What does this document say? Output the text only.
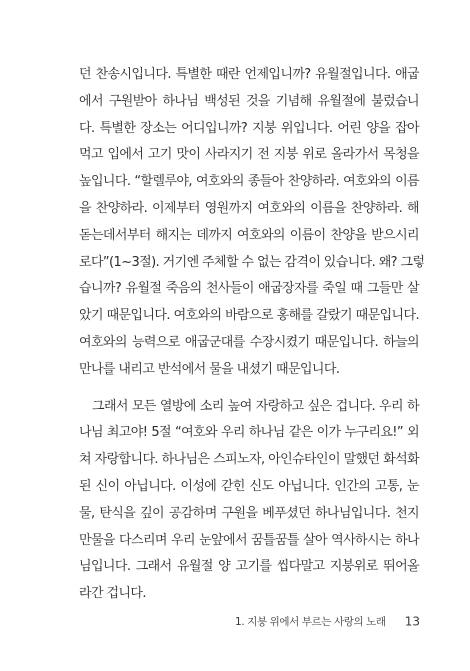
던 찬송시입니다. 특별한 때란 언제입니까? 유월절입니다. 애굽
에서 구원받아 하나님 백성된 것을 기념해 유월절에 불렀습니
다. 특별한 장소는 어디입니까? 지붕 위입니다. 어린 양을 잡아
먹고 입에서 고기 맛이 사라지기 전 지붕 위로 올라가서 목청을
높입니다. “할렐루야, 여호와의 종들아 찬양하라. 여호와의 이름
을 찬양하라. 이제부터 영원까지 여호와의 이름을 찬양하라. 해
돋는데서부터 해지는 데까지 여호와의 이름이 찬양을 받으시리
로다”(1~3절). 거기엔 주체할 수 없는 감격이 있습니다. 왜? 그렇
습니까? 유월절 죽음의 천사들이 애굽장자를 죽일 때 그들만 살
았기 때문입니다. 여호와의 바람으로 홍해를 갈랐기 때문입니다.
여호와의 능력으로 애굽군대를 수장시켰기 때문입니다. 하늘의
만나를 내리고 반석에서 물을 내셨기 때문입니다.
그래서 모든 열방에 소리 높여 자랑하고 싶은 겁니다. 우리 하
나님 최고야! 5절 “여호와 우리 하나님 같은 이가 누구리요!” 외
쳐 자랑합니다. 하나님은 스피노자, 아인슈타인이 말했던 화석화
된 신이 아닙니다. 이성에 갇힌 신도 아닙니다. 인간의 고통, 눈
물, 탄식을 깊이 공감하며 구원을 베푸셨던 하나님입니다. 천지
만물을 다스리며 우리 눈앞에서 꿈틀꿈틀 살아 역사하시는 하나
님입니다. 그래서 유월절 양 고기를 씹다말고 지붕위로 뛰어올
라간 겁니다.
1. 지붕 위에서 부르는 사랑의 노래 13
